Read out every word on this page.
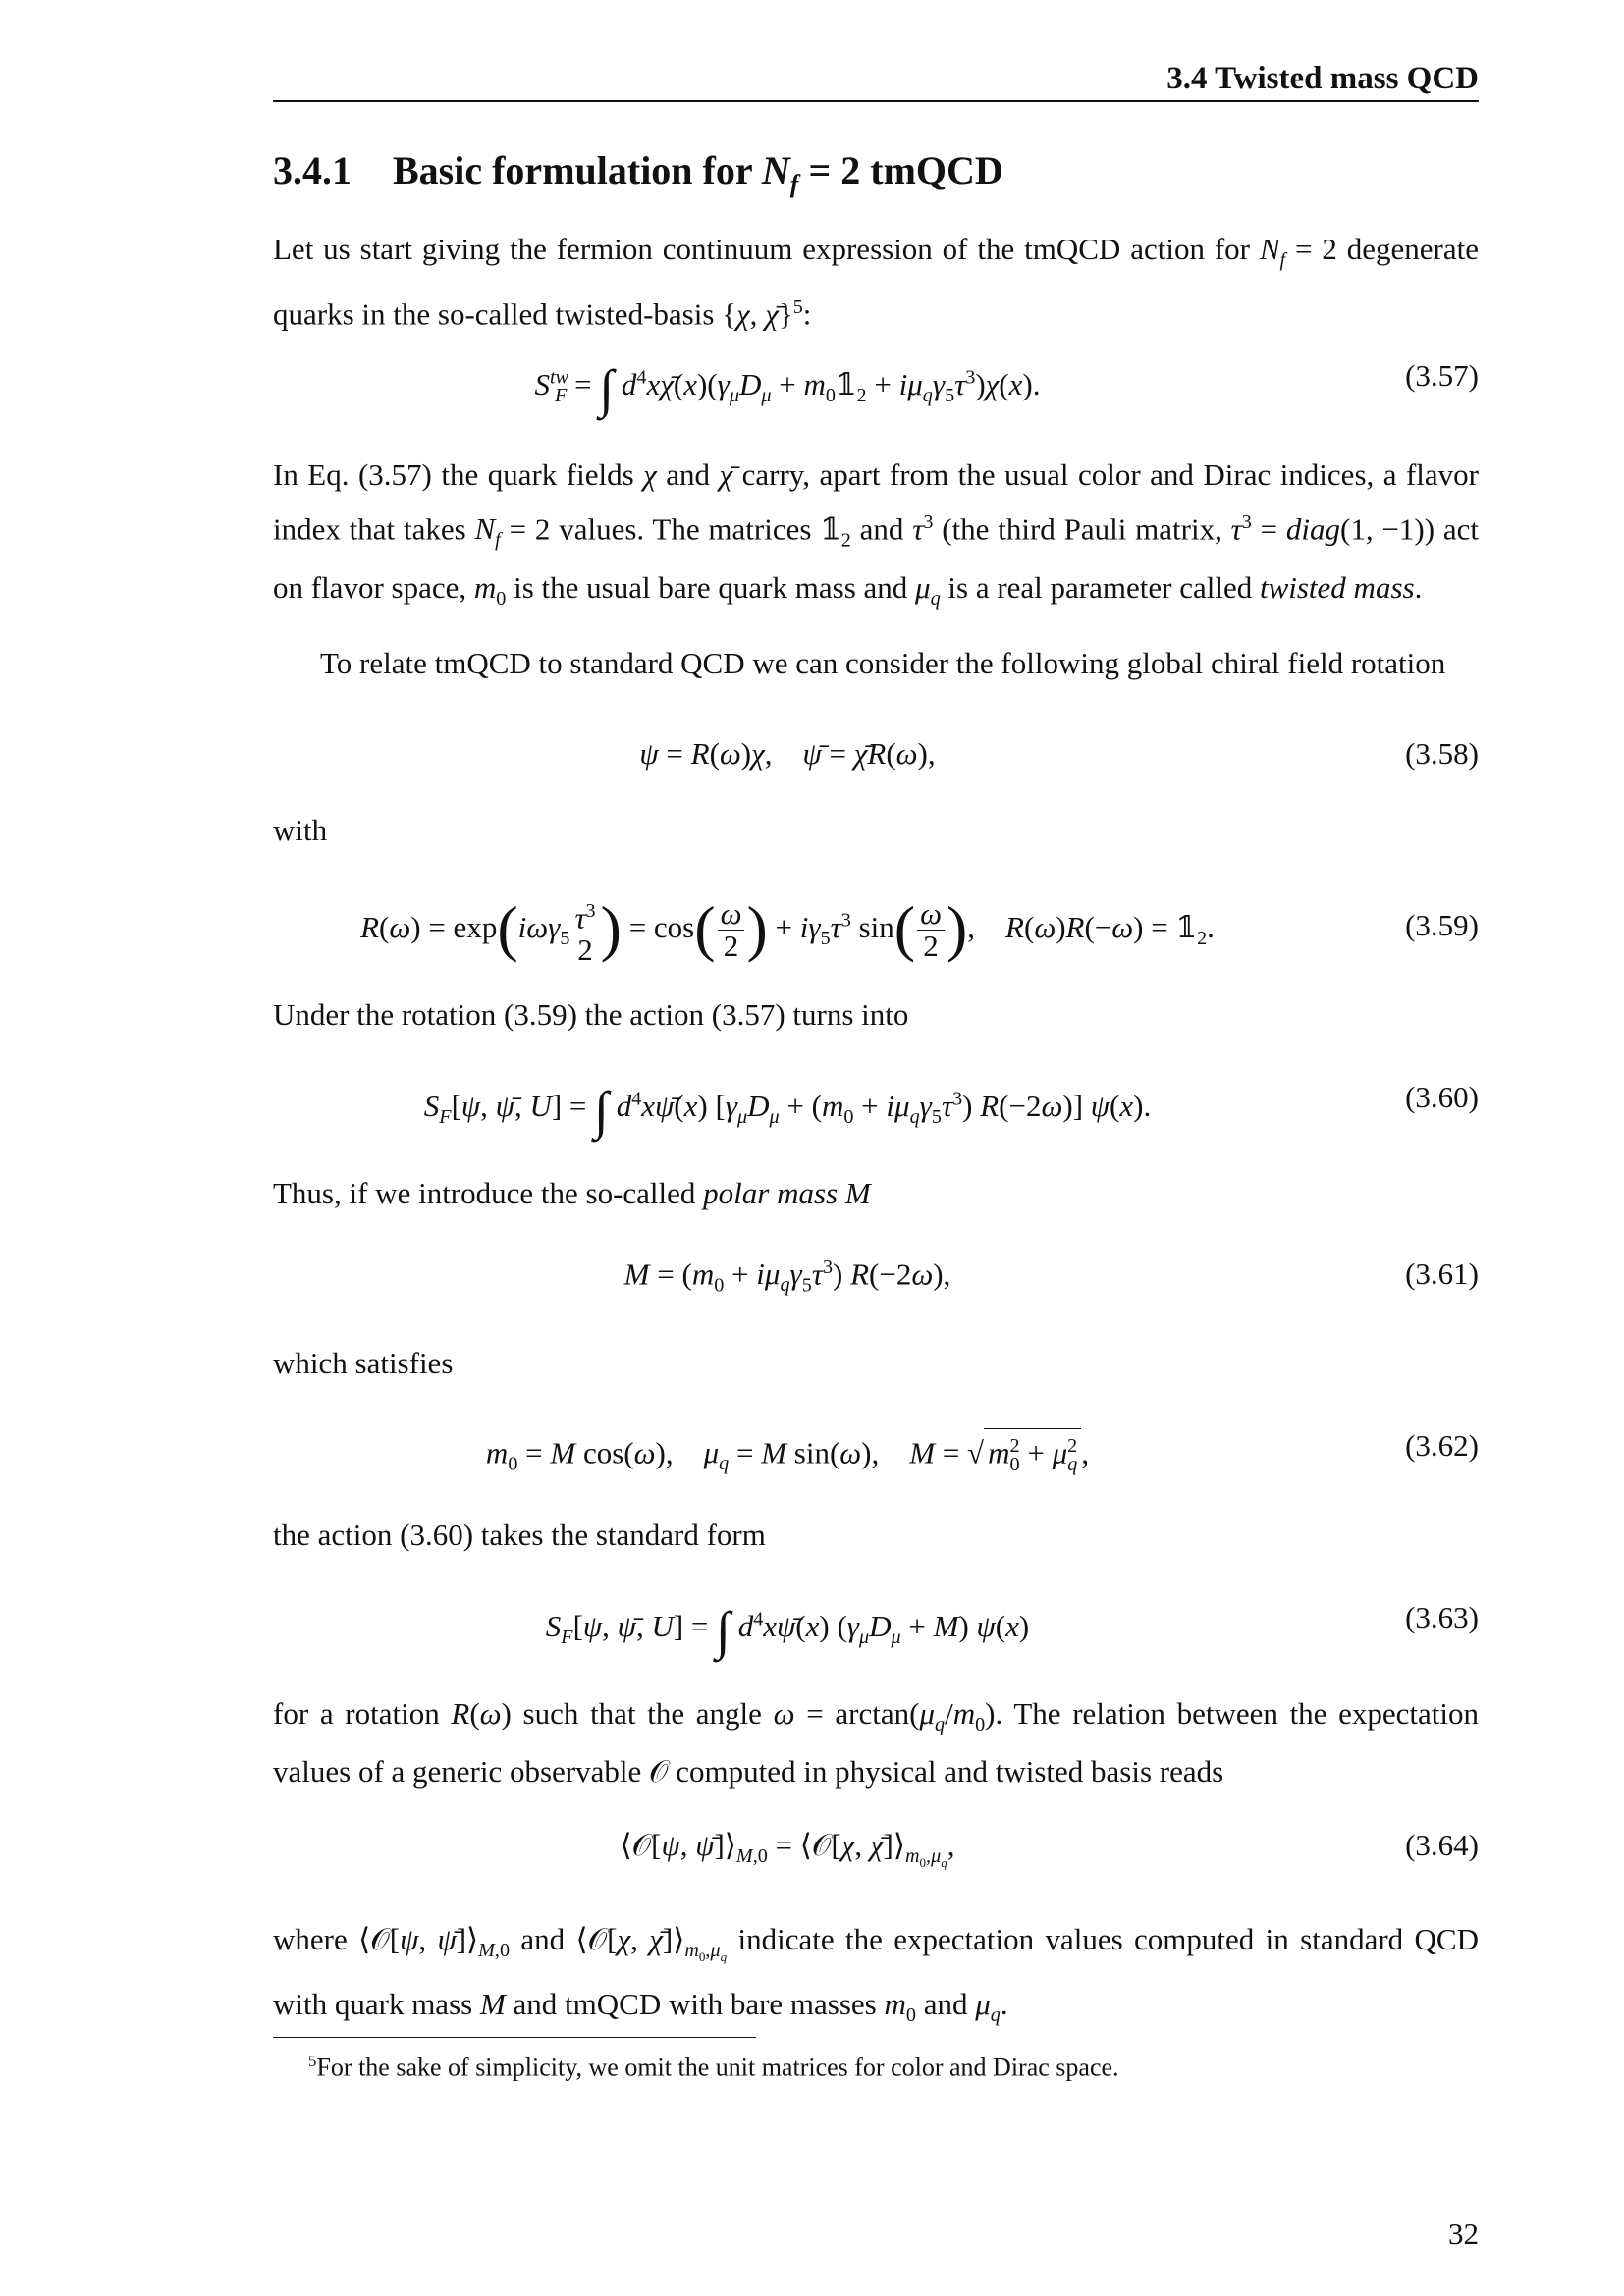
3.4 Twisted mass QCD
3.4.1 Basic formulation for $N_f = 2$ tmQCD
Let us start giving the fermion continuum expression of the tmQCD action for $N_f = 2$ degenerate quarks in the so-called twisted-basis {χ, χ̄}$^5$:
$S^{tw}_F$ = ∫ $d^4x\chī(x)(\gamma_\mu D_\mu$ + $m_0𝟙_2 + i\mu_q\gamma_5\tau^3)\chi(x)$.	(3.57)
In Eq. (3.57) the quark fields χ and χ̄ carry, apart from the usual color and Dirac indices, a flavor index that takes $N_f = 2$ values. The matrices $𝟙_2$ and $\tau^3$ (the third Pauli matrix, $\tau^3$ = diag(1, −1)) act on flavor space, $m_0$ is the usual bare quark mass and $\mu_q$ is a real parameter called twisted mass.
To relate tmQCD to standard QCD we can consider the following global chiral field rotation
ψ = R(ω)χ,    ψ̄ = χ̄R(ω),	(3.58)
with
$R(\omega) = \exp(i\omega\gamma_5 \frac{\tau^3}{2}$ ) = $\cos( \frac{\omega}{2}$ ) + $i\gamma_5\tau^3$ $\sin( \frac{\omega}{2}$ ),    $R(\omega)R(-\omega) = 𝟙_2$.	(3.59)
Under the rotation (3.59) the action (3.57) turns into
$S_F[\psi$, ψ̄, U] = ∫ $d^4x\psī(x) [\gamma_\mu D_\mu + (m_0 + i\mu_q\gamma_5\tau^3)$ R(−2ω)] ψ(x).	(3.60)
Thus, if we introduce the so-called polar mass M
$M = (m_0 + i\mu_q\gamma_5\tau^3)$ R(−2ω),	(3.61)
which satisfies
$m_0 = M$ cos(ω),    $\mu_q = M$ sin(ω),    M = √ $m^2_0 + \mu^2_q$ ,	(3.62)
the action (3.60) takes the standard form
$S_F[\psi$, ψ̄, U] = ∫ $d^4x\psī(x) (\gamma_\mu D_\mu + M)$ ψ(x)	(3.63)
for a rotation R(ω) such that the angle $\omega = \arctan(\mu_q/m_0)$. The relation between the expectation values of a generic observable 𝒪 computed in physical and twisted basis reads
⟨𝒪[ψ, $\psī]⟩_{M,0}$ = ⟨𝒪[χ, $\chī]⟩_{m_0,\mu_q}$,	(3.64)
where ⟨𝒪[ψ, $\psī]⟩_{M,0}$ and ⟨𝒪[χ, $\chī]⟩_{m_0,\mu_q}$ indicate the expectation values computed in standard QCD with quark mass M and tmQCD with bare masses $m_0$ and $\mu_q$.
$^5$For the sake of simplicity, we omit the unit matrices for color and Dirac space.
32
